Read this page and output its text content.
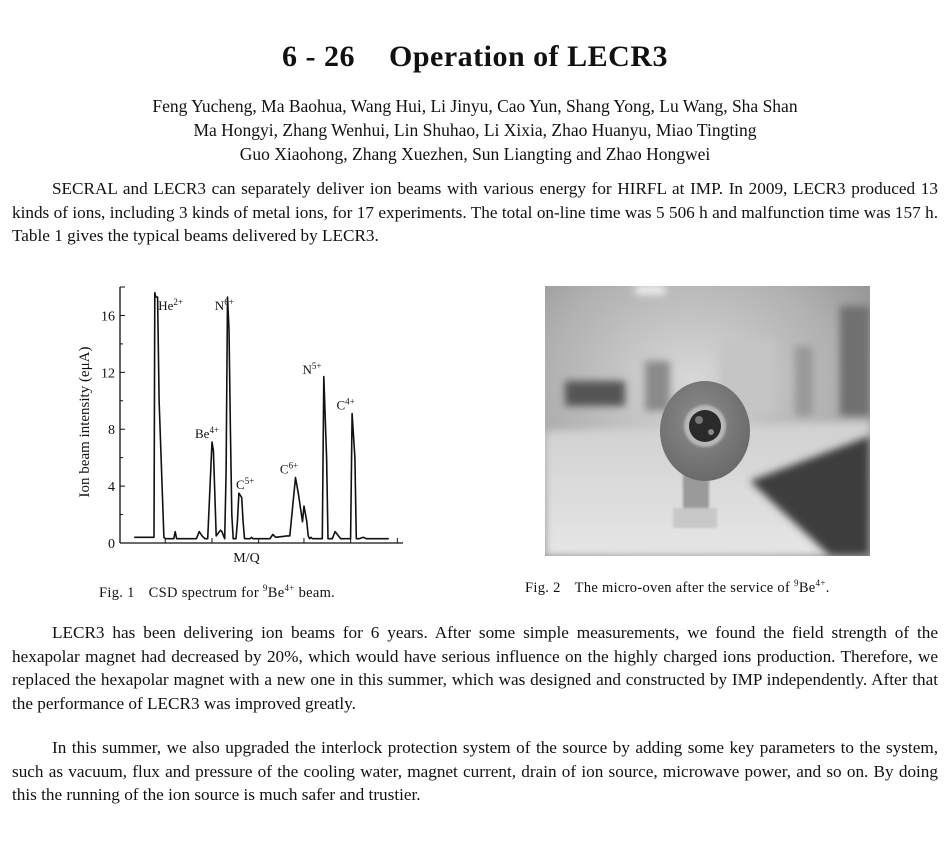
6 - 26 Operation of LECR3
Feng Yucheng, Ma Baohua, Wang Hui, Li Jinyu, Cao Yun, Shang Yong, Lu Wang, Sha Shan
Ma Hongyi, Zhang Wenhui, Lin Shuhao, Li Xixia, Zhao Huanyu, Miao Tingting
Guo Xiaohong, Zhang Xuezhen, Sun Liangting and Zhao Hongwei

SECRAL and LECR3 can separately deliver ion beams with various energy for HIRFL at IMP. In 2009, LECR3 produced 13 kinds of ions, including 3 kinds of metal ions, for 17 experiments. The total on-line time was 5 506 h and malfunction time was 157 h. Table 1 gives the typical beams delivered by LECR3.

0
4
8
12
16
M/Q
Ion beam intensity (eμA)
$He^{2+}$ $N^{6+}$
$Be^{4+}$
$C^{5+}$
$C^{6+}$
$N^{5+}$
$C^{4+}$
Fig. 1 CSD spectrum for $^9Be^{4+}$ beam.	Fig. 2 The micro-oven after the service of $^9Be^{4+}$.

LECR3 has been delivering ion beams for 6 years. After some simple measurements, we found the field strength of the hexapolar magnet had decreased by 20%, which would have serious influence on the highly charged ions production. Therefore, we replaced the hexapolar magnet with a new one in this summer, which was designed and constructed by IMP independently. After that the performance of LECR3 was improved greatly.

In this summer, we also upgraded the interlock protection system of the source by adding some key parameters to the system, such as vacuum, flux and pressure of the cooling water, magnet current, drain of ion source, microwave power, and so on. By doing this the running of the ion source is much safer and trustier.
